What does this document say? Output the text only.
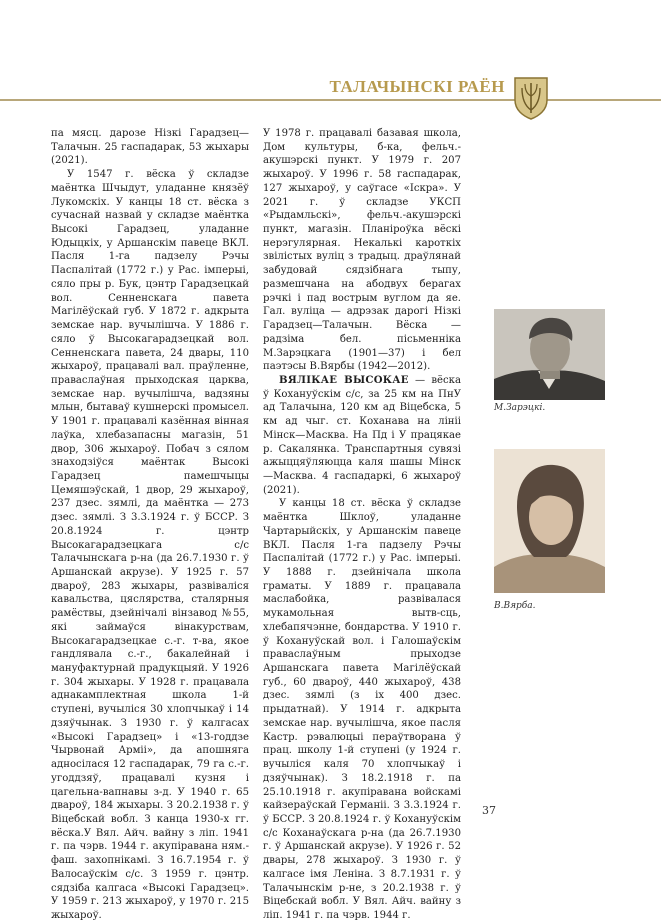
ТАЛАЧЫНСКІ РАЁН

па мясц. дарозе Нізкі Гарадзец—Талачын. 25 гаспадарак, 53 жыхары (2021).

У 1547 г. вёска ў складзе маёнтка Шчыдут, уладанне князёў Лукомскіх. У канцы 18 ст. вёска з сучаснай назвай у складзе маёнтка Высокі Гарадзец, уладанне Юдыцкіх, у Аршанскім павеце ВКЛ. Пасля 1-га падзелу Рэчы Паспалітай (1772 г.) у Рас. імперыі, сяло пры р. Бук, цэнтр Гарадзецкай вол. Сенненскага павета Магілёўскай губ. У 1872 г. адкрыта земскае нар. вучылішча. У 1886 г. сяло ў Высокагарадзецкай вол. Сенненскага павета, 24 двары, 110 жыхароў, працавалі вал. праўленне, праваслаўная прыходская царква, земскае нар. вучылішча, вадзяны млын, бытаваў кушнерскі промысел. У 1901 г. працавалі казённая вінная лаўка, хлебазапасны магазін, 51 двор, 306 жыхароў. Побач з сялом знаходзіўся маёнтак Высокі Гарадзец памешчыцы Цемяшэўскай, 1 двор, 29 жыхароў, 237 дзес. зямлі, да маёнтка — 273 дзес. зямлі. З 3.3.1924 г. ў БССР. З 20.8.1924 г. цэнтр Высокагарадзецкага с/с Талачынскага р-на (да 26.7.1930 г. ў Аршанскай акрузе). У 1925 г. 57 двароў, 283 жыхары, развіваліся кавальства, цяслярства, сталярныя рамёствы, дзейнічалі вінзавод №55, які займаўся вінакурствам, Высокагарадзецкае с.-г. т-ва, якое гандлявала с.-г., бакалейнай і мануфактурнай прадукцыяй. У 1926 г. 304 жыхары. У 1928 г. працавала аднакамплектная школа 1-й ступені, вучыліся 30 хлопчыкаў і 14 дзяўчынак. З 1930 г. ў калгасах «Высокі Гарадзец» і «13-годдзе Чырвонай Арміі», да апошняга адносілася 12 гаспадарак, 79 га с.-г. угоддзяў, працавалі кузня і цагельна-вапнавы з-д. У 1940 г. 65 двароў, 184 жыхары. З 20.2.1938 г. ў Віцебскай вобл. З канца 1930-х гг. вёска.У Вял. Айч. вайну з ліп. 1941 г. па чэрв. 1944 г. акупіравана ням.-фаш. захопнікамі. З 16.7.1954 г. ў Валосаўскім с/с. З 1959 г. цэнтр. сядзіба калгаса «Высокі Гарадзец». У 1959 г. 213 жыхароў, у 1970 г. 215 жыхароў.

У 1978 г. працавалі базавая школа, Дом культуры, б-ка, фельч.-акушэрскі пункт. У 1979 г. 207 жыхароў. У 1996 г. 58 гаспадарак, 127 жыхароў, у саўгасе «Іскра». У 2021 г. ў складзе УКСП «Рыдамльскі», фельч.-акушэрскі пункт, магазін. Планіроўка вёскі нерэгулярная. Некалькі кароткіх звілістых вуліц з традыц. драўлянай забудовай сядзібнага тыпу, размешчана на абодвух берагах рэчкі і пад вострым вуглом да яе. Гал. вуліца — адрэзак дарогі Нізкі Гарадзец—Талачын. Вёска — радзіма бел. пісьменніка М.Зарэцкага (1901—37) і бел паэтэсы В.Вярбы (1942—2012).

ВЯЛІКАЕ ВЫСОКАЕ — вёска ў Кохануўскім с/с, за 25 км на ПнУ ад Талачына, 120 км ад Віцебска, 5 км ад чыг. ст. Коханава на лініі Мінск—Масква. На Пд і У працякае р. Сакалянка. Транспартныя сувязі ажыццяўляюцца каля шашы Мінск—Масква. 4 гаспадаркі, 6 жыхароў (2021).

У канцы 18 ст. вёска ў складзе маёнтка Шклоў, уладанне Чартарыйскіх, у Аршанскім павеце ВКЛ. Пасля 1-га падзелу Рэчы Паспалітай (1772 г.) у Рас. імперыі. У 1888 г. дзейнічала школа граматы. У 1889 г. працавала маслабойка, развівалася мукамольная вытв-сць, хлебапячэнне, бондарства. У 1910 г. ў Кохануўскай вол. і Галошаўскім праваслаўным прыходзе Аршанскага павета Магілёўскай губ., 60 двароў, 440 жыхароў, 438 дзес. зямлі (з іх 400 дзес. прыдатнай). У 1914 г. адкрыта земскае нар. вучылішча, якое пасля Кастр. рэвалюцыі пераўтворана ў прац. школу 1-й ступені (у 1924 г. вучыліся каля 70 хлопчыкаў і дзяўчынак). З 18.2.1918 г. па 25.10.1918 г. акупіравана войскамі кайзераўскай Германіі. З 3.3.1924 г. ў БССР. З 20.8.1924 г. ў Кохануўскім с/с Коханаўскага р-на (да 26.7.1930 г. ў Аршанскай акрузе). У 1926 г. 52 двары, 278 жыхароў. З 1930 г. ў калгасе імя Леніна. З 8.7.1931 г. ў Талачынскім р-не, з 20.2.1938 г. ў Віцебскай вобл. У Вял. Айч. вайну з ліп. 1941 г. па чэрв. 1944 г.

М.Зарэцкі.
В.Вярба.
37
